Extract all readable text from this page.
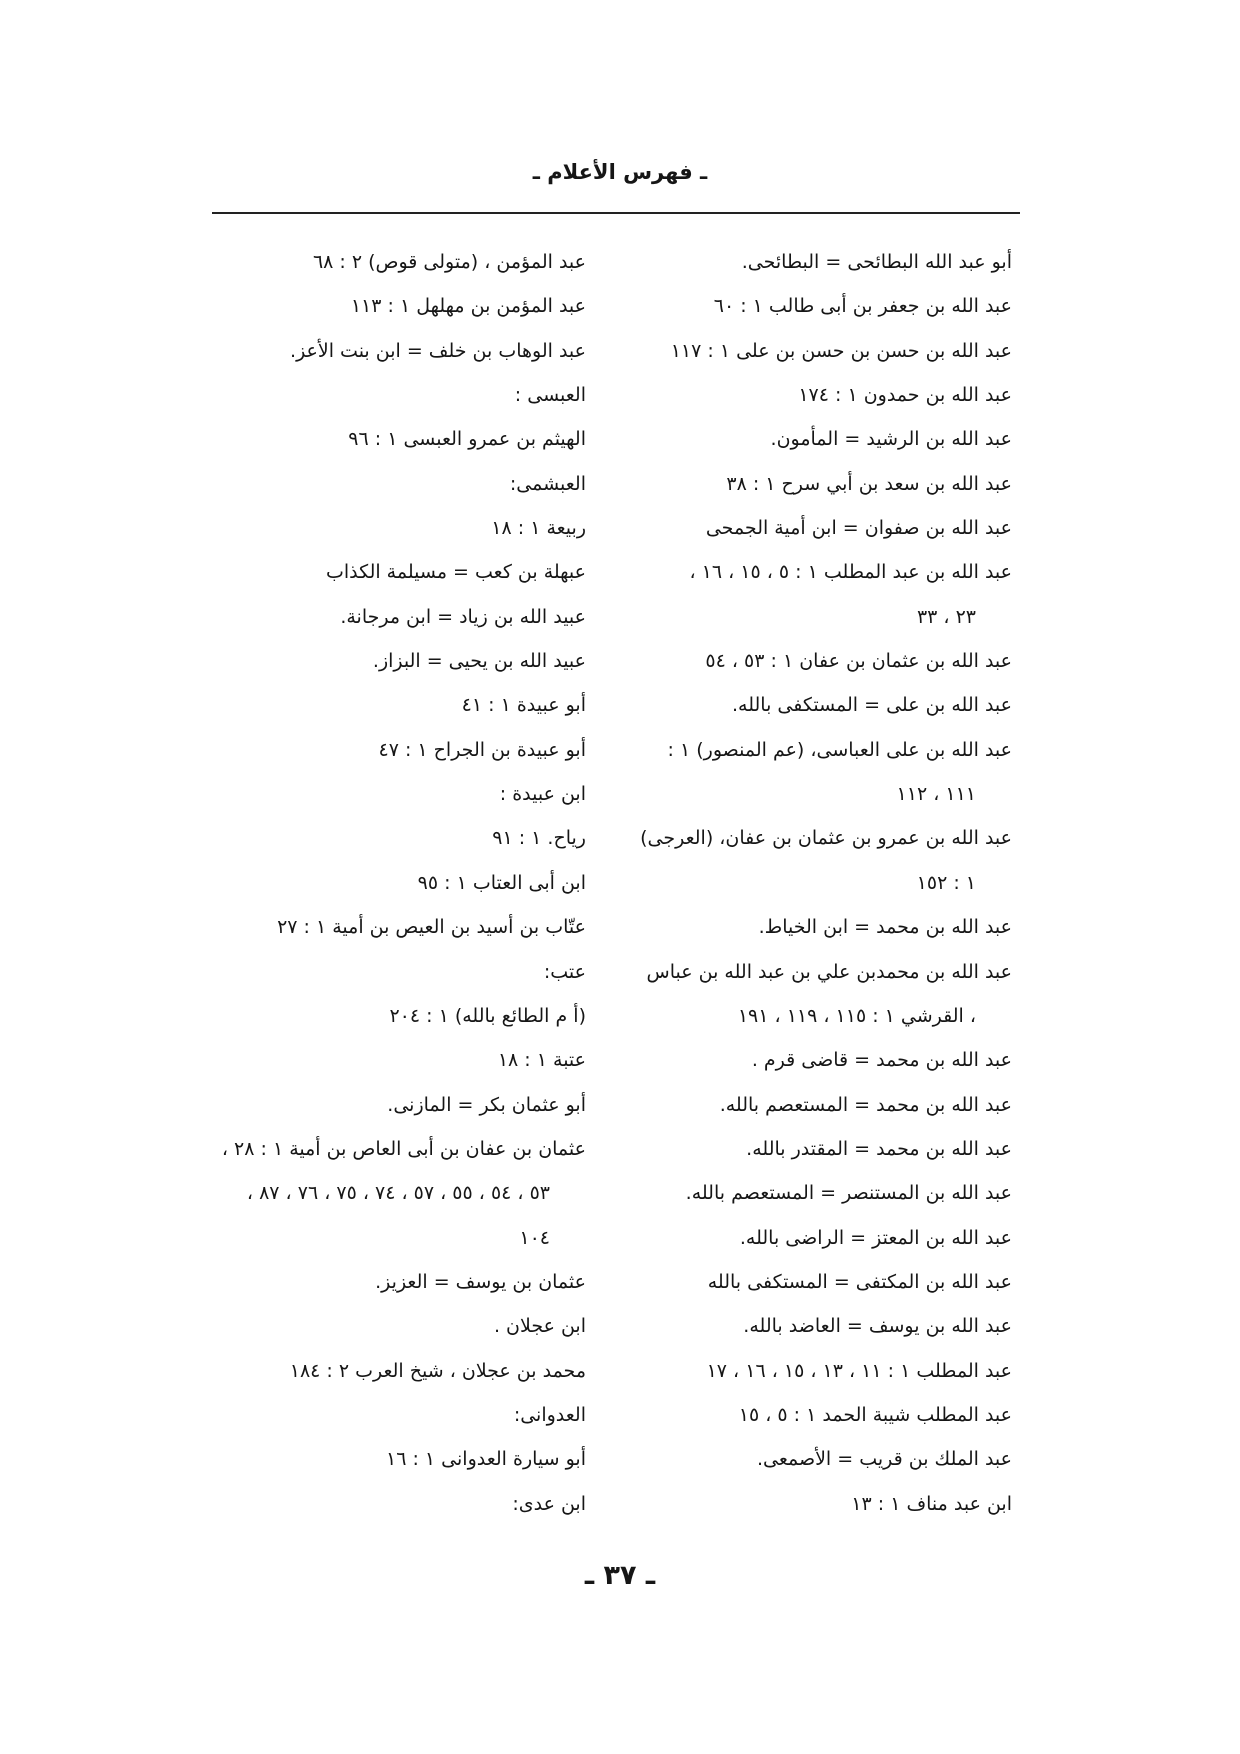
ـ فهرس الأعلام ـ
أبو عبد الله البطائحى = البطائحى.
عبد الله بن جعفر بن أبى طالب ١ : ٦٠
عبد الله بن حسن بن حسن بن على ١ : ١١٧
عبد الله بن حمدون ١ : ١٧٤
عبد الله بن الرشيد = المأمون.
عبد الله بن سعد بن أبي سرح ١ : ٣٨
عبد الله بن صفوان = ابن أمية الجمحى
عبد الله بن عبد المطلب ١ : ٥ ، ١٥ ، ١٦ ،
٢٣ ، ٣٣
عبد الله بن عثمان بن عفان ١ : ٥٣ ، ٥٤
عبد الله بن على = المستكفى بالله.
عبد الله بن على العباسى، (عم المنصور) ١ :
١١١ ، ١١٢
عبد الله بن عمرو بن عثمان بن عفان، (العرجى)
١ : ١٥٢
عبد الله بن محمد = ابن الخياط.
عبد الله بن محمدبن علي بن عبد الله بن عباس
، القرشي ١ : ١١٥ ، ١١٩ ، ١٩١
عبد الله بن محمد = قاضى قرم .
عبد الله بن محمد = المستعصم بالله.
عبد الله بن محمد = المقتدر بالله.
عبد الله بن المستنصر = المستعصم بالله.
عبد الله بن المعتز = الراضى بالله.
عبد الله بن المكتفى = المستكفى بالله
عبد الله بن يوسف = العاضد بالله.
عبد المطلب ١ : ١١ ، ١٣ ، ١٥ ، ١٦ ، ١٧
عبد المطلب شيبة الحمد ١ : ٥ ، ١٥
عبد الملك بن قريب = الأصمعى.
ابن عبد مناف ١ : ١٣
عبد المؤمن ، (متولى قوص) ٢ : ٦٨
عبد المؤمن بن مهلهل ١ : ١١٣
عبد الوهاب بن خلف = ابن بنت الأعز.
العبسى :
الهيثم بن عمرو العبسى ١ : ٩٦
العبشمى:
ربيعة ١ : ١٨
عبهلة بن كعب = مسيلمة الكذاب
عبيد الله بن زياد = ابن مرجانة.
عبيد الله بن يحيى = البزاز.
أبو عبيدة ١ : ٤١
أبو عبيدة بن الجراح ١ : ٤٧
ابن عبيدة :
رياح. ١ : ٩١
ابن أبى العتاب ١ : ٩٥
عتّاب بن أسيد بن العيص بن أمية ١ : ٢٧
عتب:
(أ م الطائع بالله) ١ : ٢٠٤
عتبة ١ : ١٨
أبو عثمان بكر = المازنى.
عثمان بن عفان بن أبى العاص بن أمية ١ : ٢٨ ،
٥٣ ، ٥٤ ، ٥٥ ، ٥٧ ، ٧٤ ، ٧٥ ، ٧٦ ، ٨٧ ،
١٠٤
عثمان بن يوسف = العزيز.
ابن عجلان .
محمد بن عجلان ، شيخ العرب ٢ : ١٨٤
العدوانى:
أبو سيارة العدوانى ١ : ١٦
ابن عدى:
ـ ٣٧ ـ
